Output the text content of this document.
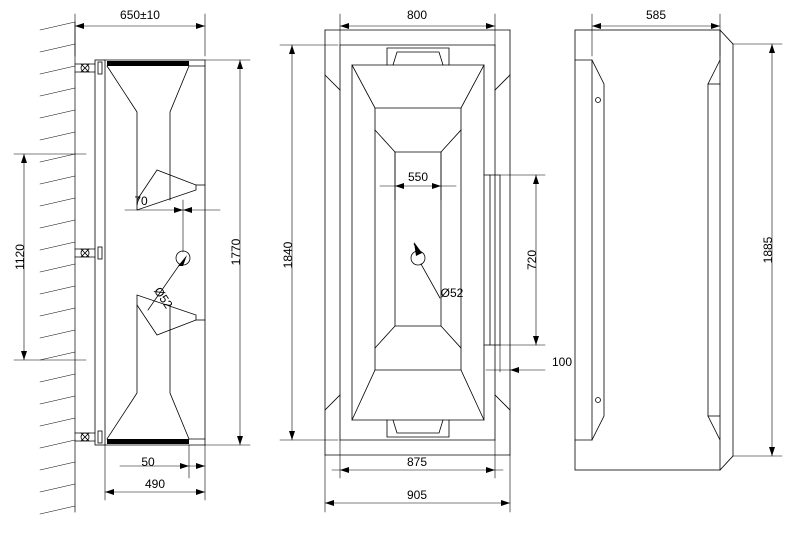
650±10
1120	1770
70
Ø52
50
490
800
1840
550
720
Ø52
100
875
905
585
1885
